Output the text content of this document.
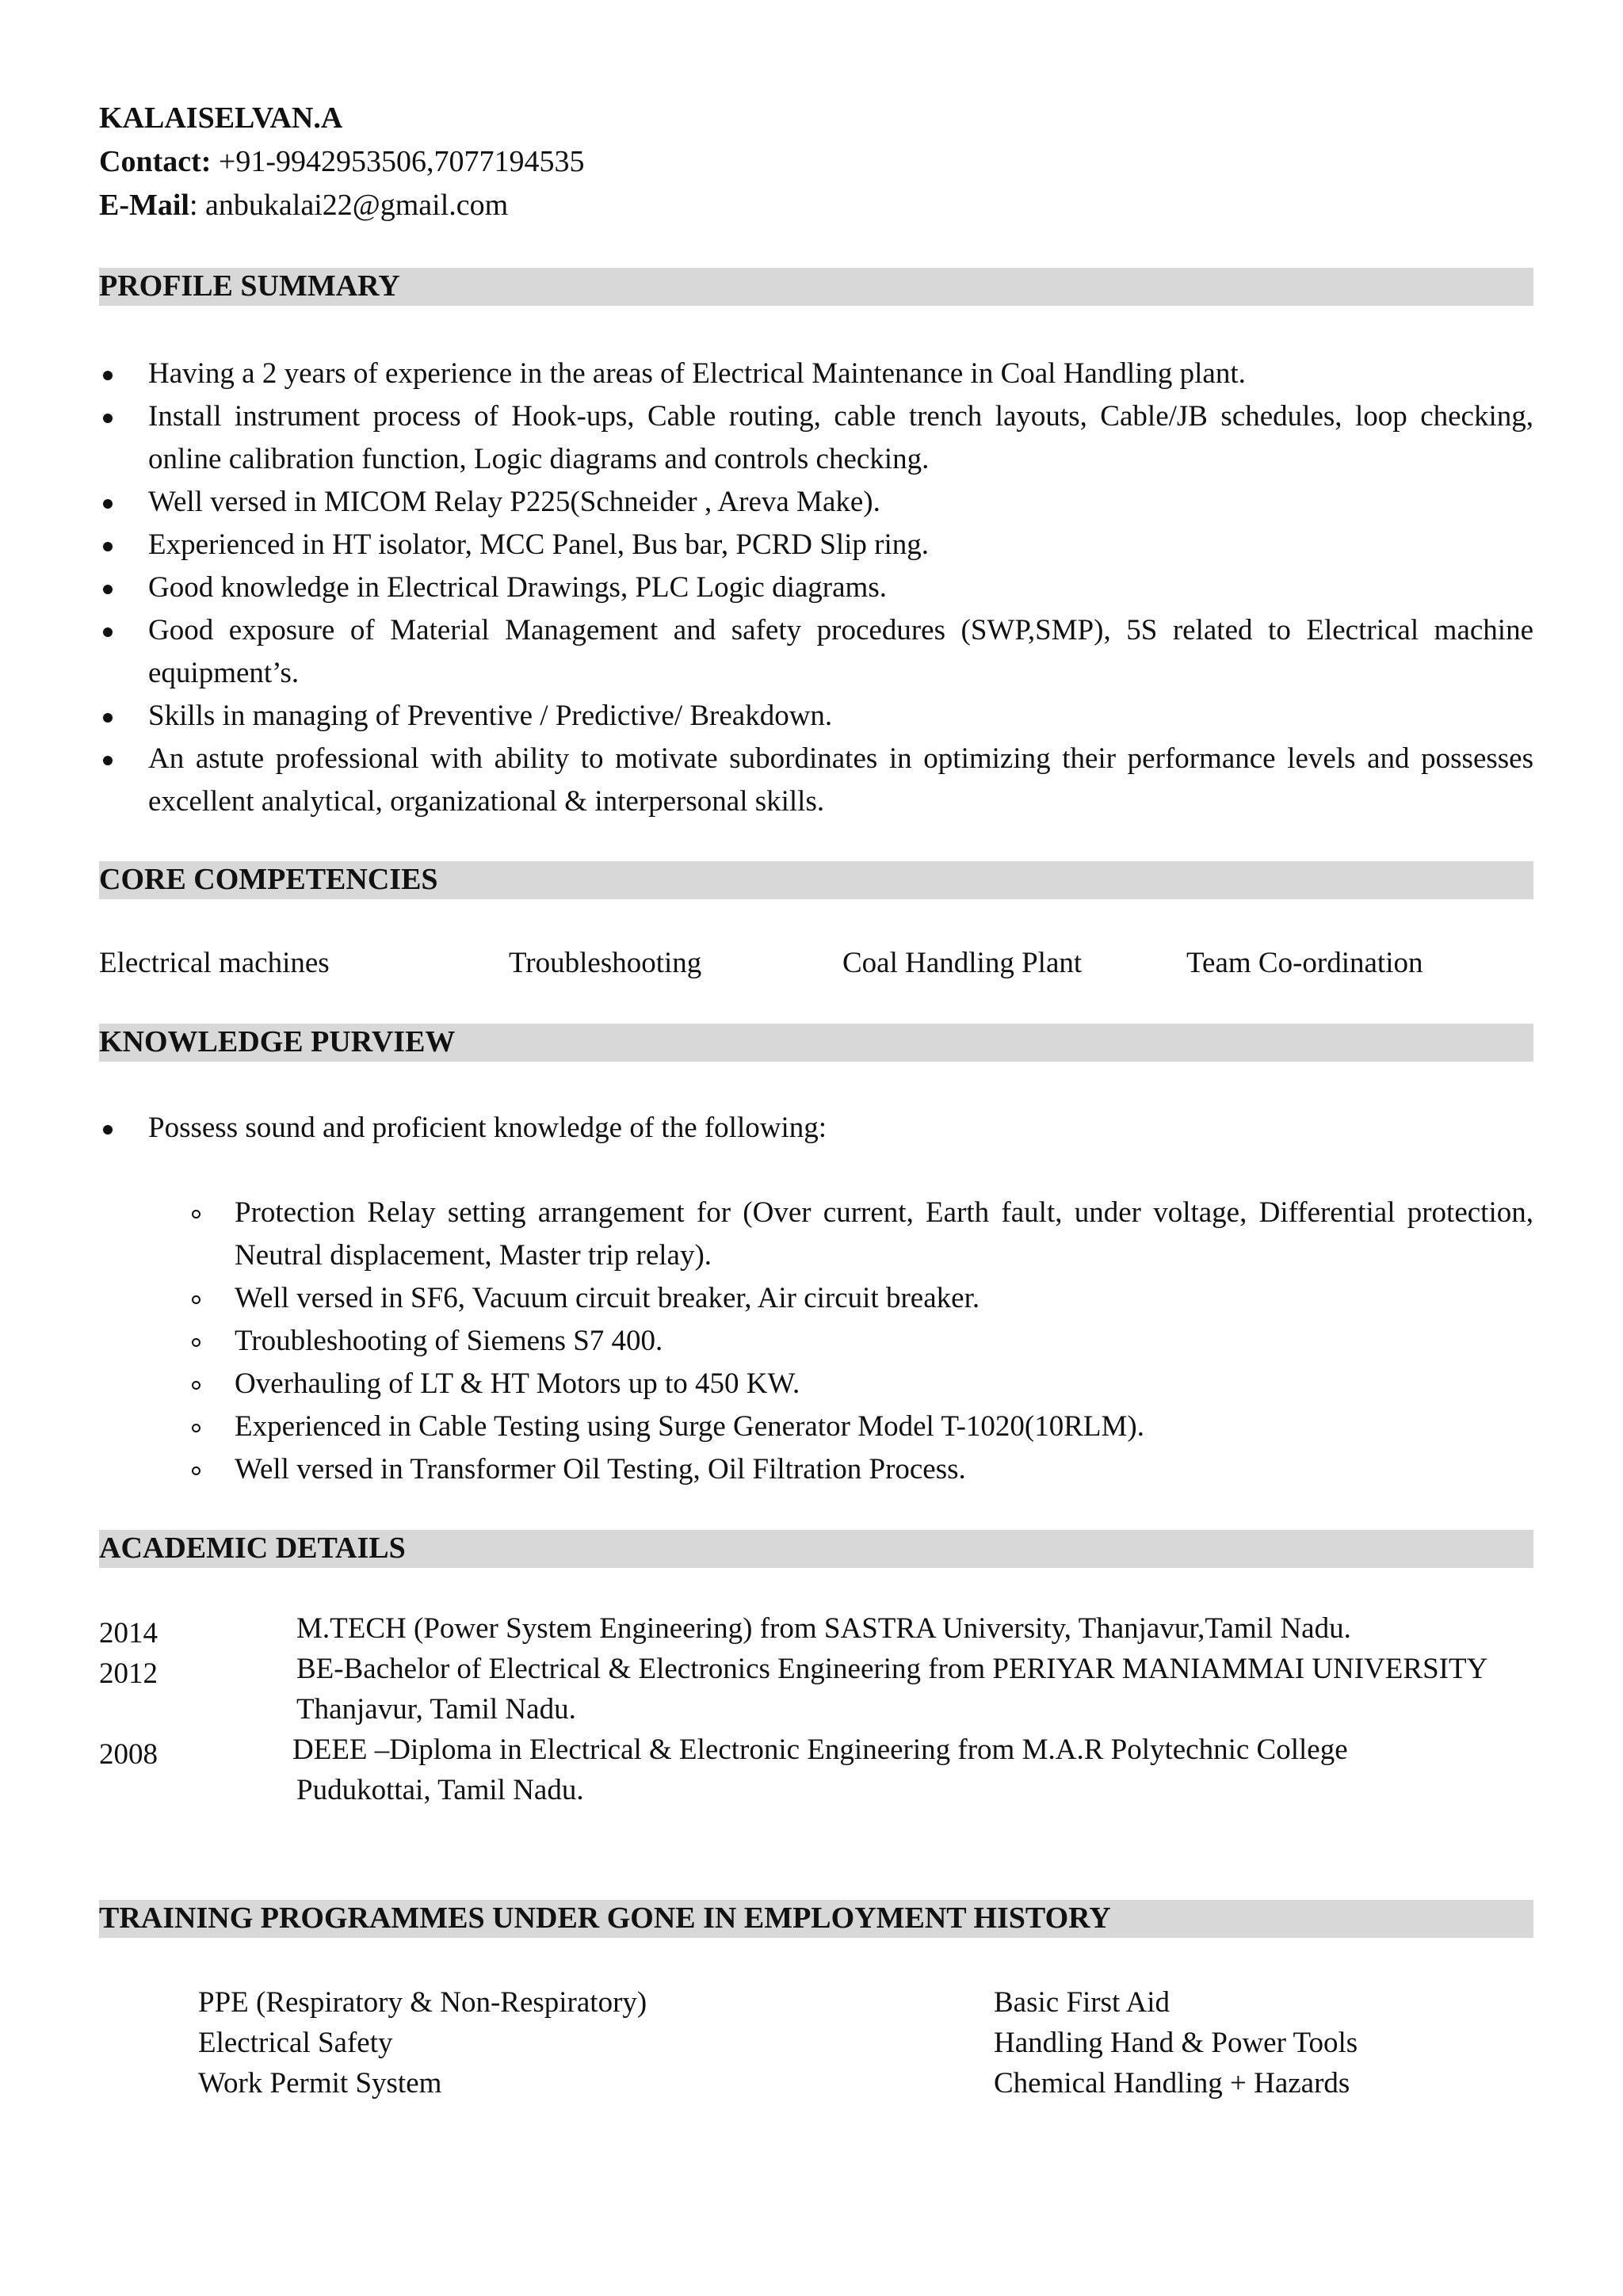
KALAISELVAN.A
Contact: +91-9942953506,7077194535
E-Mail: anbukalai22@gmail.com
PROFILE SUMMARY
Having a 2 years of experience in the areas of Electrical Maintenance in Coal Handling plant.
Install instrument process of Hook-ups, Cable routing, cable trench layouts, Cable/JB schedules, loop checking, online calibration function, Logic diagrams and controls checking.
Well versed in MICOM Relay P225(Schneider , Areva Make).
Experienced in HT isolator, MCC Panel, Bus bar, PCRD Slip ring.
Good knowledge in Electrical Drawings, PLC Logic diagrams.
Good exposure of Material Management and safety procedures (SWP,SMP), 5S related to Electrical machine equipment’s.
Skills in managing of Preventive / Predictive/ Breakdown.
An astute professional with ability to motivate subordinates in optimizing their performance levels and possesses excellent analytical, organizational & interpersonal skills.
CORE COMPETENCIES
Electrical machines	Troubleshooting	Coal Handling Plant	Team Co-ordination
KNOWLEDGE PURVIEW
Possess sound and proficient knowledge of the following:
Protection Relay setting arrangement for (Over current, Earth fault, under voltage, Differential protection, Neutral displacement, Master trip relay).
Well versed in SF6, Vacuum circuit breaker, Air circuit breaker.
Troubleshooting of Siemens S7 400.
Overhauling of LT & HT Motors up to 450 KW.
Experienced in Cable Testing using Surge Generator Model T-1020(10RLM).
Well versed in Transformer Oil Testing, Oil Filtration Process.
ACADEMIC DETAILS
2014	M.TECH (Power System Engineering) from SASTRA University, Thanjavur,Tamil Nadu.
2012	BE-Bachelor of Electrical & Electronics Engineering from PERIYAR MANIAMMAI UNIVERSITY
Thanjavur, Tamil Nadu.
2008	DEEE –Diploma in Electrical & Electronic Engineering from M.A.R Polytechnic College
Pudukottai, Tamil Nadu.
TRAINING PROGRAMMES UNDER GONE IN EMPLOYMENT HISTORY
PPE (Respiratory & Non-Respiratory)
Electrical Safety
Work Permit System
Basic First Aid
Handling Hand & Power Tools
Chemical Handling + Hazards
